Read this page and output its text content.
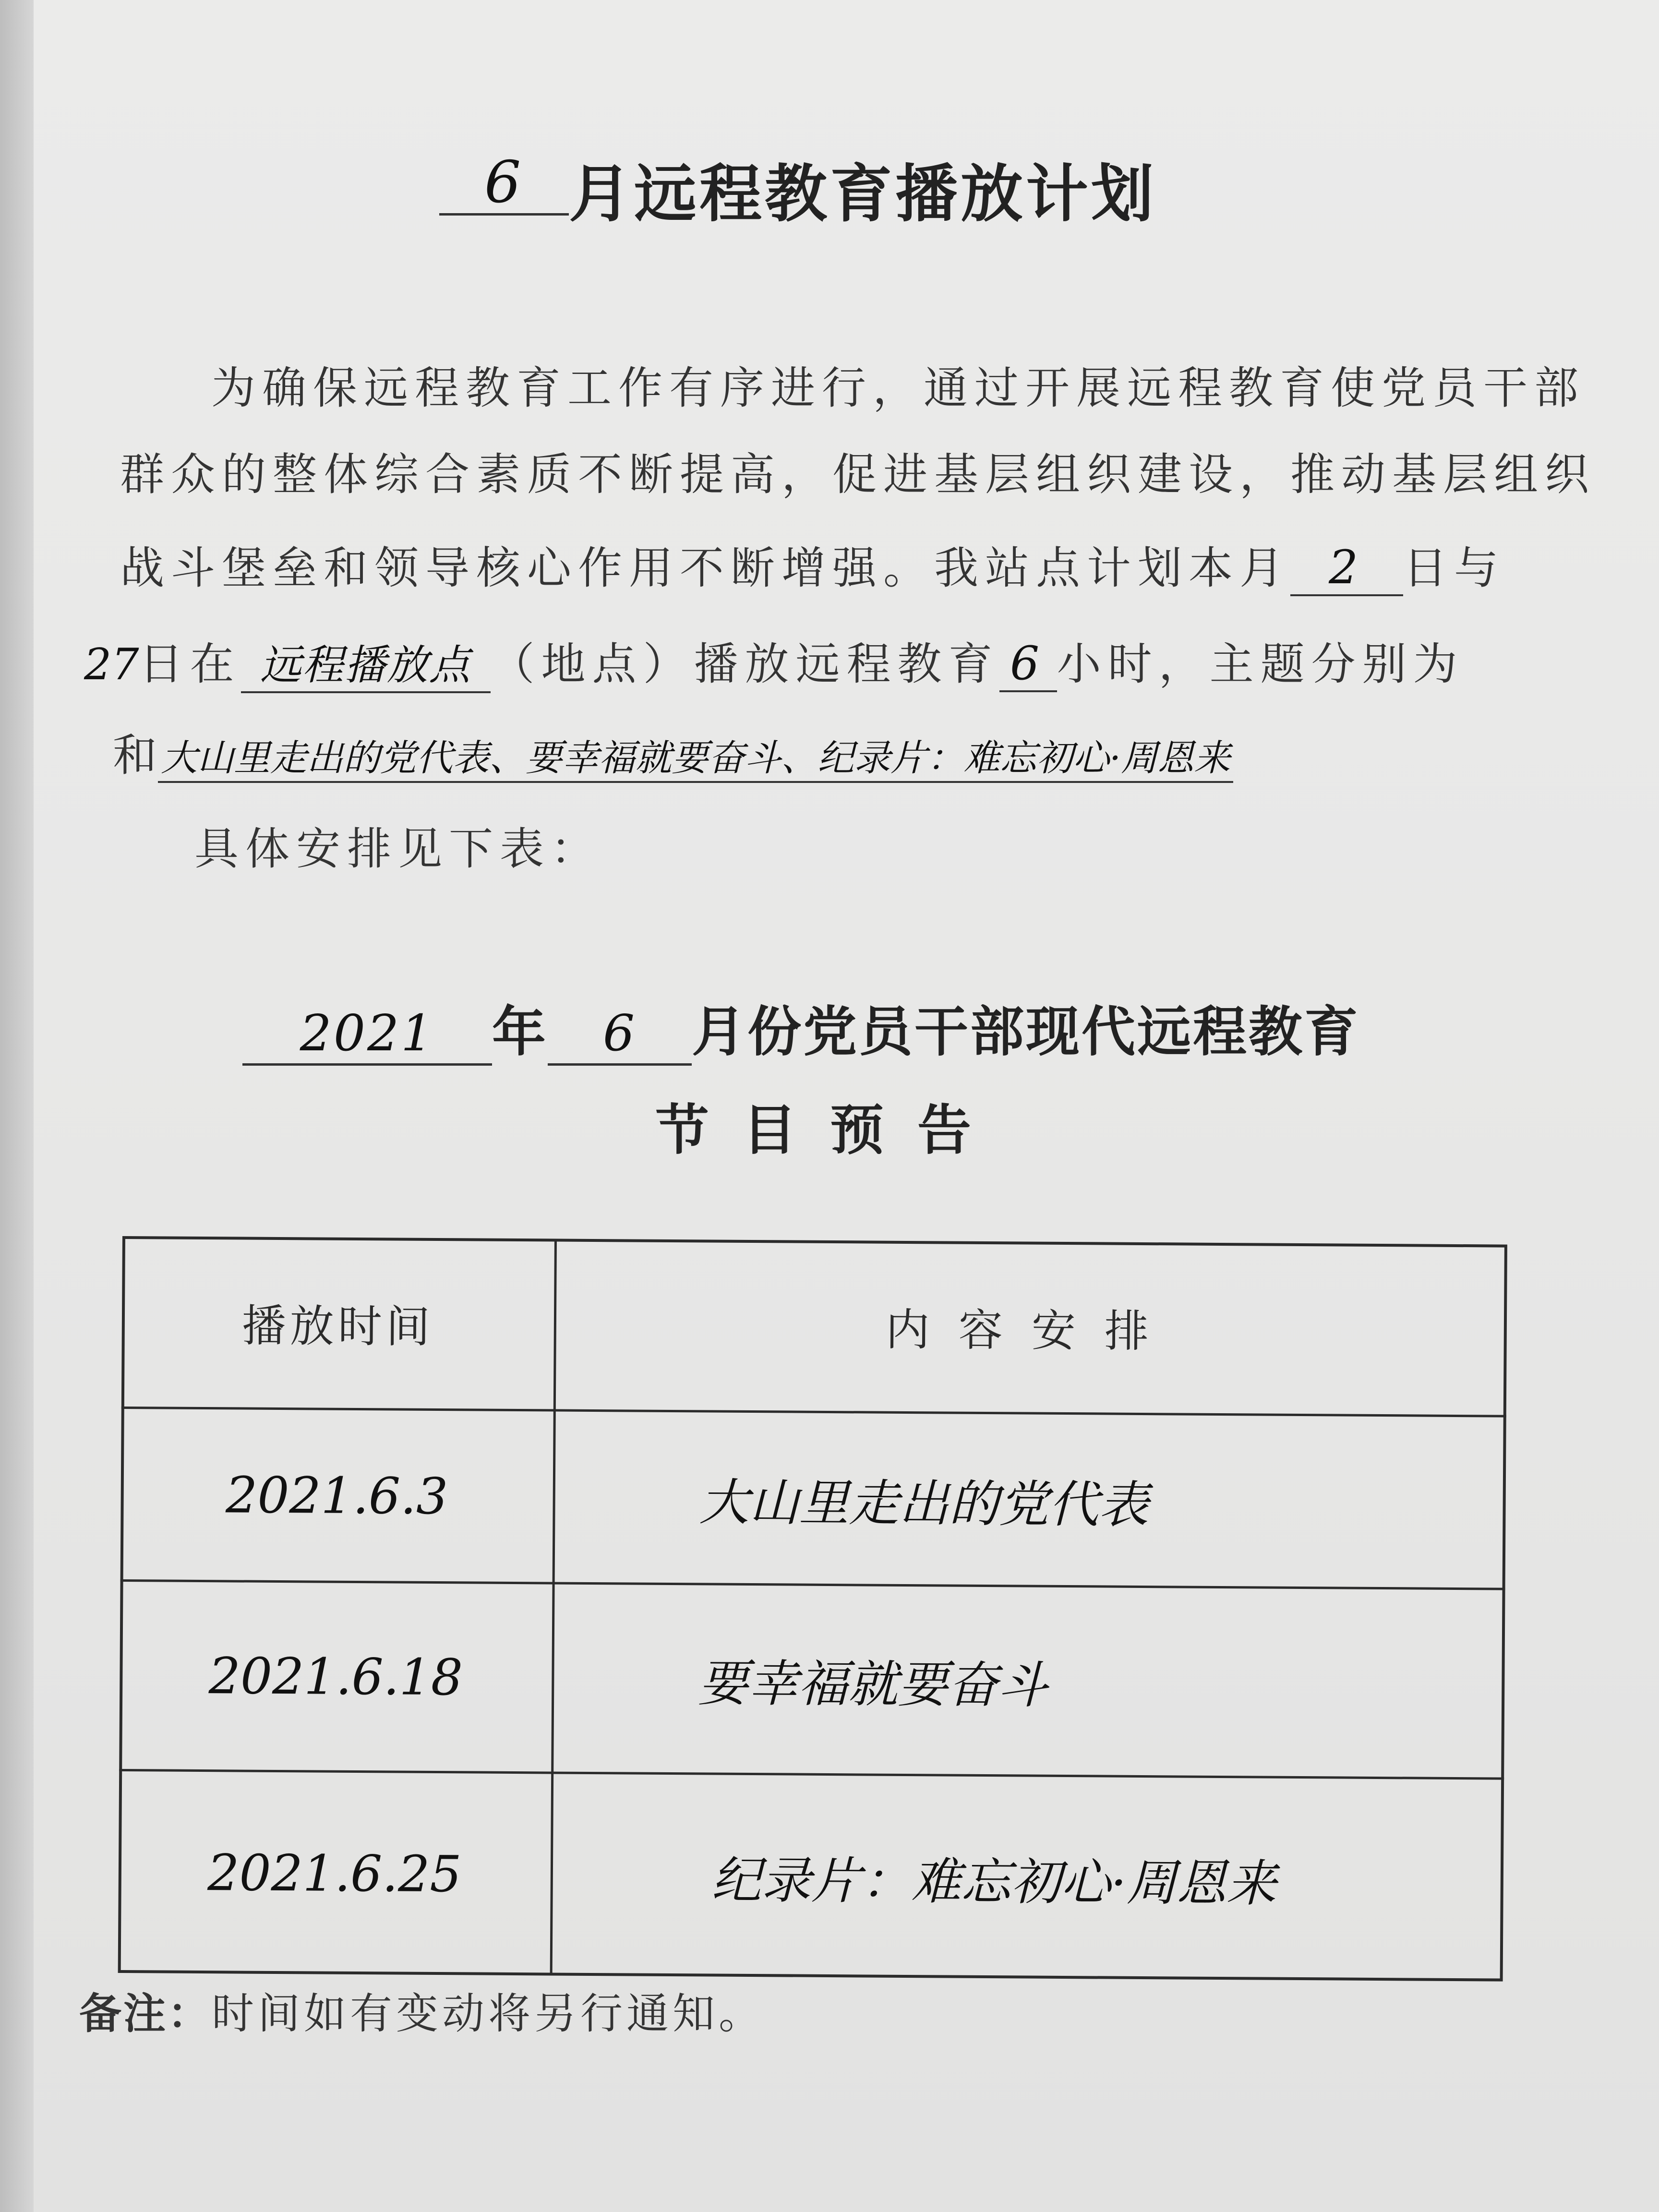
6 月远程教育播放计划
为确保远程教育工作有序进行，通过开展远程教育使党员干部
群众的整体综合素质不断提高，促进基层组织建设，推动基层组织
战斗堡垒和领导核心作用不断增强。我站点计划本月 2 日与
27日在 远程播放点 （地点）播放远程教育 6 小时，主题分别为
和大山里走出的党代表、要幸福就要奋斗、纪录片：难忘初心·周恩来
具体安排见下表：
2021 年 6 月份党员干部现代远程教育
节目预告
播放时间	内容安排
2021.6.3	大山里走出的党代表
2021.6.18	要幸福就要奋斗
2021.6.25	纪录片：难忘初心·周恩来
备注：时间如有变动将另行通知。
